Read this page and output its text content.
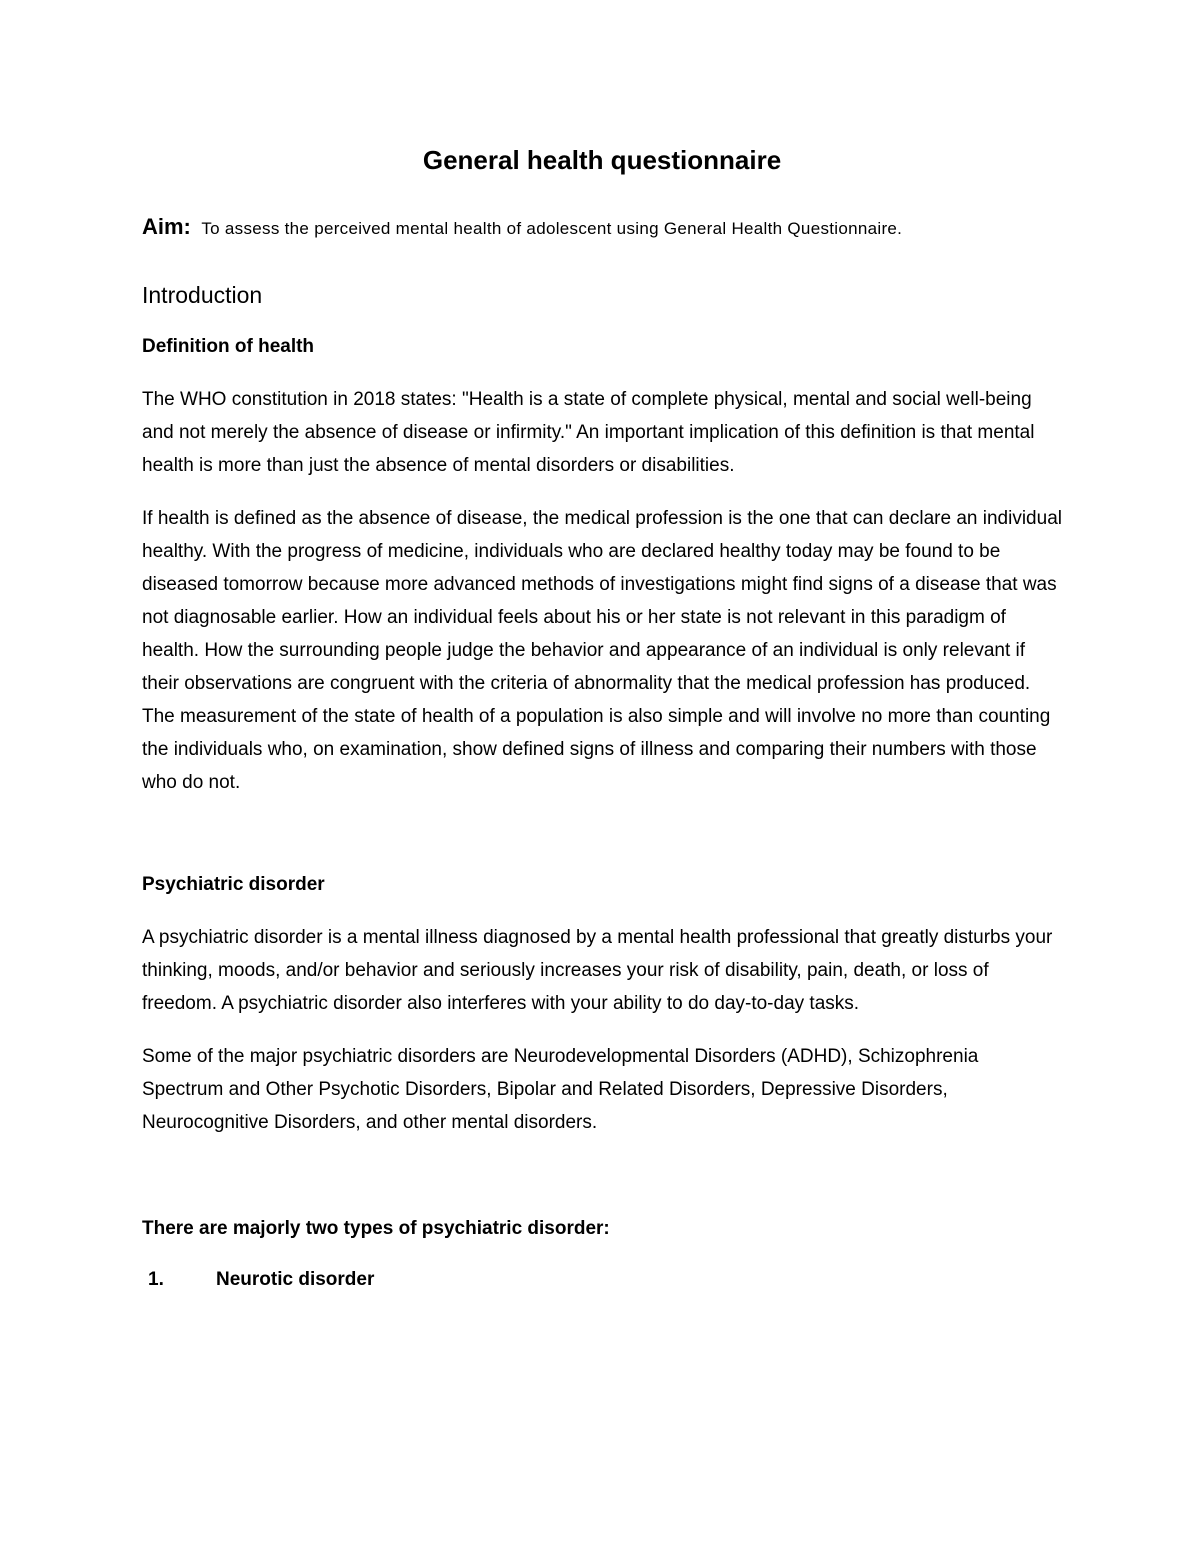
General health questionnaire

Aim: To assess the perceived mental health of adolescent using General Health Questionnaire.

Introduction
Definition of health

The WHO constitution in 2018 states: "Health is a state of complete physical, mental and social well-being and not merely the absence of disease or infirmity." An important implication of this definition is that mental health is more than just the absence of mental disorders or disabilities.

If health is defined as the absence of disease, the medical profession is the one that can declare an individual healthy. With the progress of medicine, individuals who are declared healthy today may be found to be diseased tomorrow because more advanced methods of investigations might find signs of a disease that was not diagnosable earlier. How an individual feels about his or her state is not relevant in this paradigm of health. How the surrounding people judge the behavior and appearance of an individual is only relevant if their observations are congruent with the criteria of abnormality that the medical profession has produced. The measurement of the state of health of a population is also simple and will involve no more than counting the individuals who, on examination, show defined signs of illness and comparing their numbers with those who do not.

Psychiatric disorder

A psychiatric disorder is a mental illness diagnosed by a mental health professional that greatly disturbs your thinking, moods, and/or behavior and seriously increases your risk of disability, pain, death, or loss of freedom. A psychiatric disorder also interferes with your ability to do day-to-day tasks.

Some of the major psychiatric disorders are Neurodevelopmental Disorders (ADHD), Schizophrenia Spectrum and Other Psychotic Disorders, Bipolar and Related Disorders, Depressive Disorders, Neurocognitive Disorders, and other mental disorders.

There are majorly two types of psychiatric disorder:
1.	Neurotic disorder
